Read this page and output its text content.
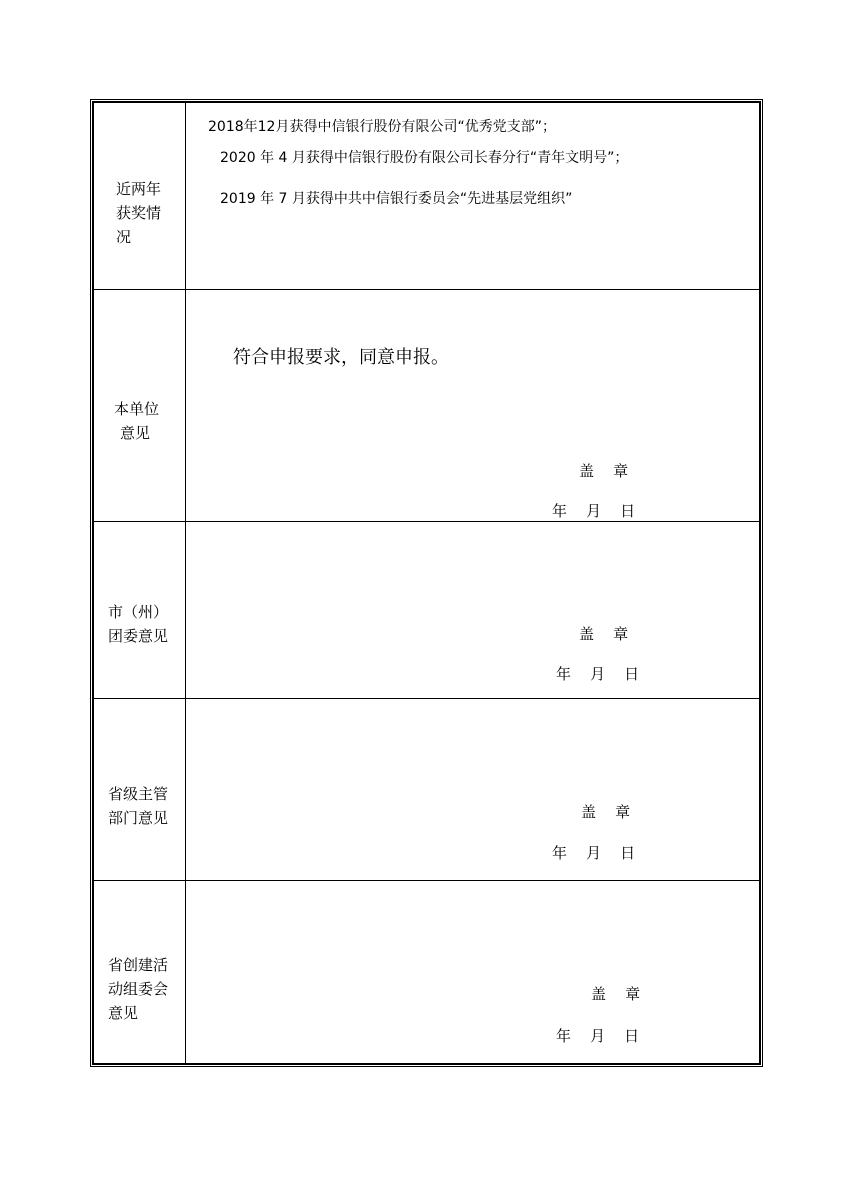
近两年
获奖情
况
2018年12月获得中信银行股份有限公司“优秀党支部”；
2020 年 4 月获得中信银行股份有限公司长春分行“青年文明号”；
2019 年 7 月获得中共中信银行委员会“先进基层党组织”
本单位
意见
符合申报要求，同意申报。
盖    章
年    月    日
市（州）
团委意见	盖    章
年    月    日
省级主管
部门意见	盖    章
年    月    日
省创建活
动组委会
意见
盖    章
年    月    日
